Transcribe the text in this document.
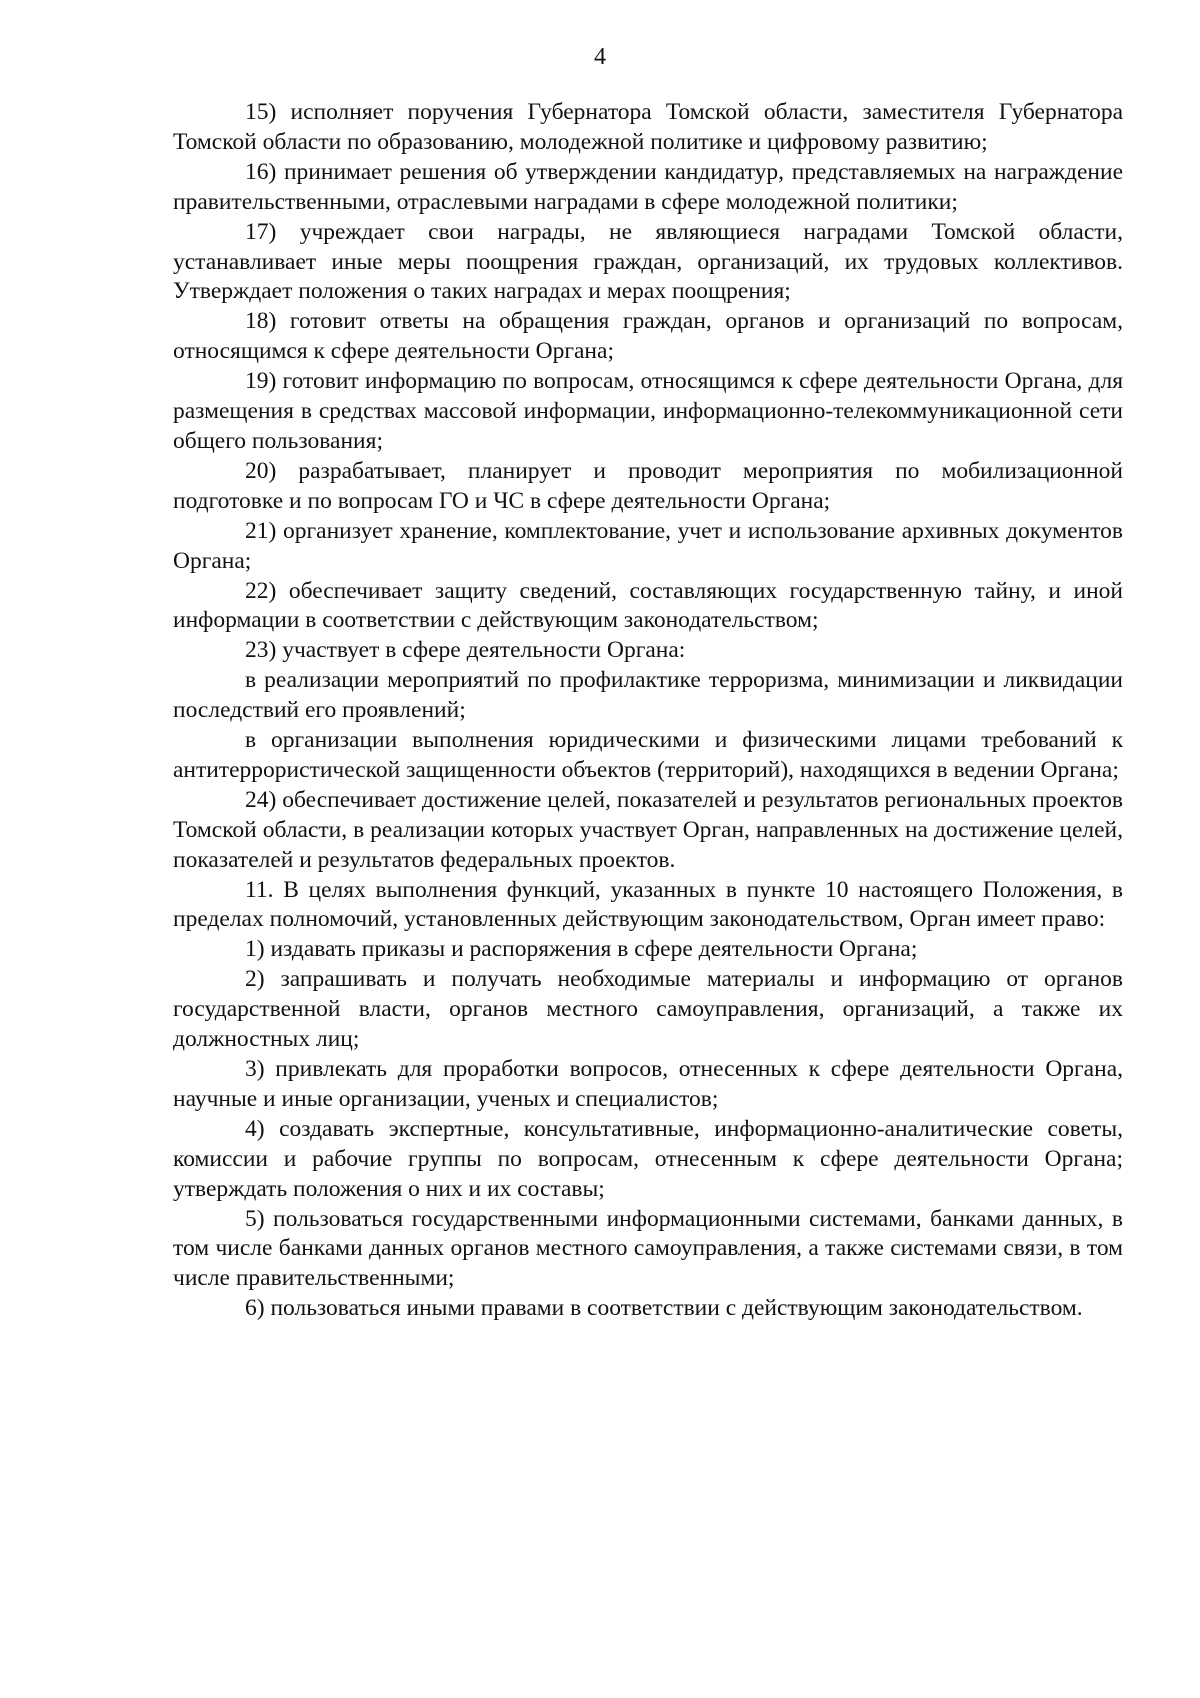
4

15) исполняет поручения Губернатора Томской области, заместителя Губернатора Томской области по образованию, молодежной политике и цифровому развитию;

16) принимает решения об утверждении кандидатур, представляемых на награждение правительственными, отраслевыми наградами в сфере молодежной политики;

17) учреждает свои награды, не являющиеся наградами Томской области, устанавливает иные меры поощрения граждан, организаций, их трудовых коллективов. Утверждает положения о таких наградах и мерах поощрения;

18) готовит ответы на обращения граждан, органов и организаций по вопросам, относящимся к сфере деятельности Органа;

19) готовит информацию по вопросам, относящимся к сфере деятельности Органа, для размещения в средствах массовой информации, информационно-телекоммуникационной сети общего пользования;

20) разрабатывает, планирует и проводит мероприятия по мобилизационной подготовке и по вопросам ГО и ЧС в сфере деятельности Органа;

21) организует хранение, комплектование, учет и использование архивных документов Органа;

22) обеспечивает защиту сведений, составляющих государственную тайну, и иной информации в соответствии с действующим законодательством;

23) участвует в сфере деятельности Органа:

в реализации мероприятий по профилактике терроризма, минимизации и ликвидации последствий его проявлений;

в организации выполнения юридическими и физическими лицами требований к антитеррористической защищенности объектов (территорий), находящихся в ведении Органа;

24) обеспечивает достижение целей, показателей и результатов региональных проектов Томской области, в реализации которых участвует Орган, направленных на достижение целей, показателей и результатов федеральных проектов.

11. В целях выполнения функций, указанных в пункте 10 настоящего Положения, в пределах полномочий, установленных действующим законодательством, Орган имеет право:

1) издавать приказы и распоряжения в сфере деятельности Органа;

2) запрашивать и получать необходимые материалы и информацию от органов государственной власти, органов местного самоуправления, организаций, а также их должностных лиц;

3) привлекать для проработки вопросов, отнесенных к сфере деятельности Органа, научные и иные организации, ученых и специалистов;

4) создавать экспертные, консультативные, информационно-аналитические советы, комиссии и рабочие группы по вопросам, отнесенным к сфере деятельности Органа; утверждать положения о них и их составы;

5) пользоваться государственными информационными системами, банками данных, в том числе банками данных органов местного самоуправления, а также системами связи, в том числе правительственными;

6) пользоваться иными правами в соответствии с действующим законодательством.
